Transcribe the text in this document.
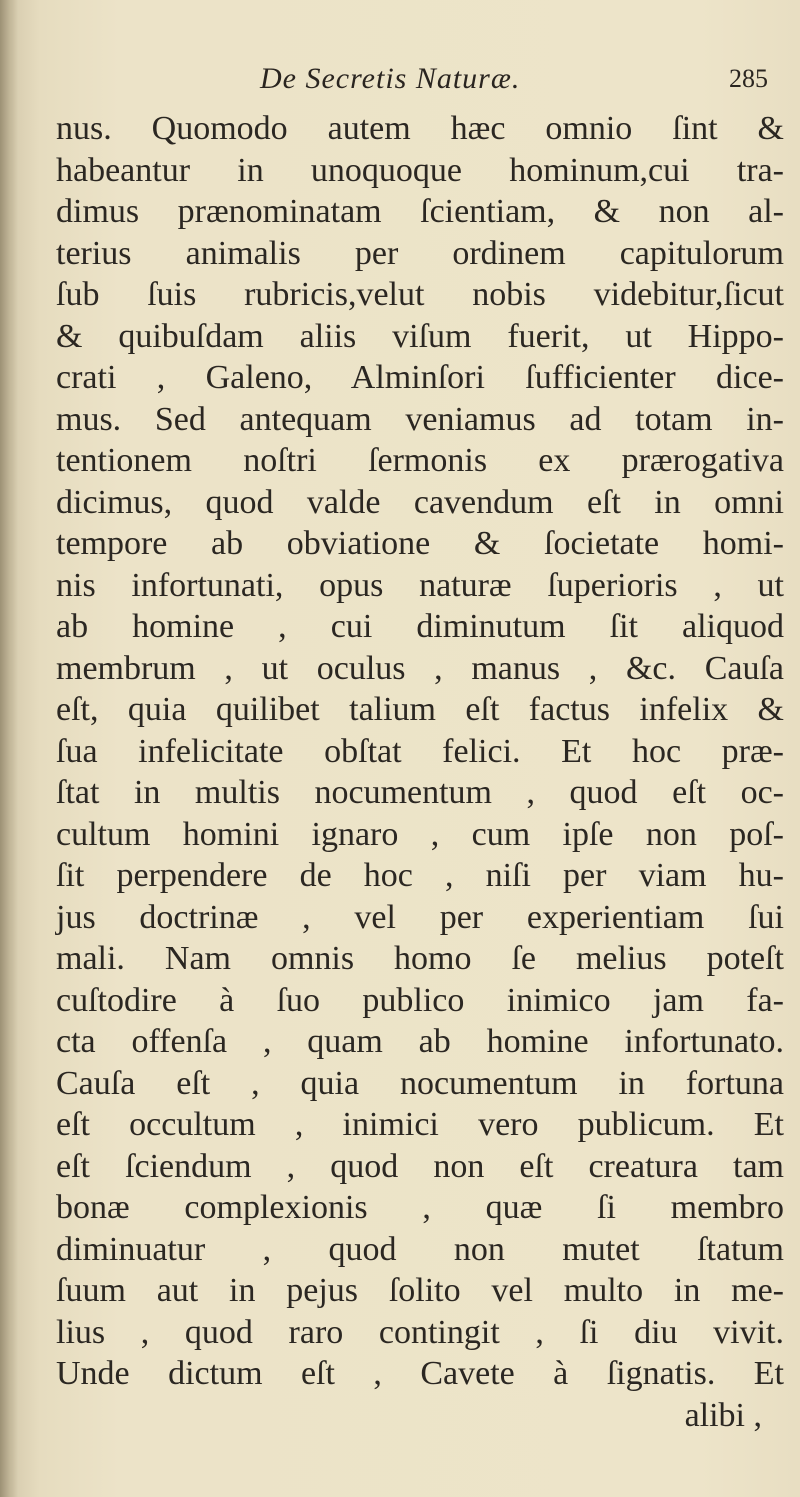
De Secretis Naturæ.	285
nus. Quomodo autem hæc omnio ſint &
habeantur in unoquoque hominum,cui tra-
dimus prænominatam ſcientiam, & non al-
terius animalis per ordinem capitulorum
ſub ſuis rubricis,velut nobis videbitur,ſicut
& quibuſdam aliis viſum fuerit, ut Hippo-
crati , Galeno, Alminſori ſufficienter dice-
mus. Sed antequam veniamus ad totam in-
tentionem noſtri ſermonis ex prærogativa
dicimus, quod valde cavendum eſt in omni
tempore ab obviatione & ſocietate homi-
nis infortunati, opus naturæ ſuperioris , ut
ab homine , cui diminutum ſit aliquod
membrum , ut oculus , manus , &c. Cauſa
eſt, quia quilibet talium eſt factus infelix &
ſua infelicitate obſtat felici. Et hoc præ-
ſtat in multis nocumentum , quod eſt oc-
cultum homini ignaro , cum ipſe non poſ-
ſit perpendere de hoc , niſi per viam hu-
jus doctrinæ , vel per experientiam ſui
mali. Nam omnis homo ſe melius poteſt
cuſtodire à ſuo publico inimico jam fa-
cta offenſa , quam ab homine infortunato.
Cauſa eſt , quia nocumentum in fortuna
eſt occultum , inimici vero publicum. Et
eſt ſciendum , quod non eſt creatura tam
bonæ complexionis , quæ ſi membro
diminuatur , quod non mutet ſtatum
ſuum aut in pejus ſolito vel multo in me-
lius , quod raro contingit , ſi diu vivit.
Unde dictum eſt , Cavete à ſignatis. Et
alibi ,
